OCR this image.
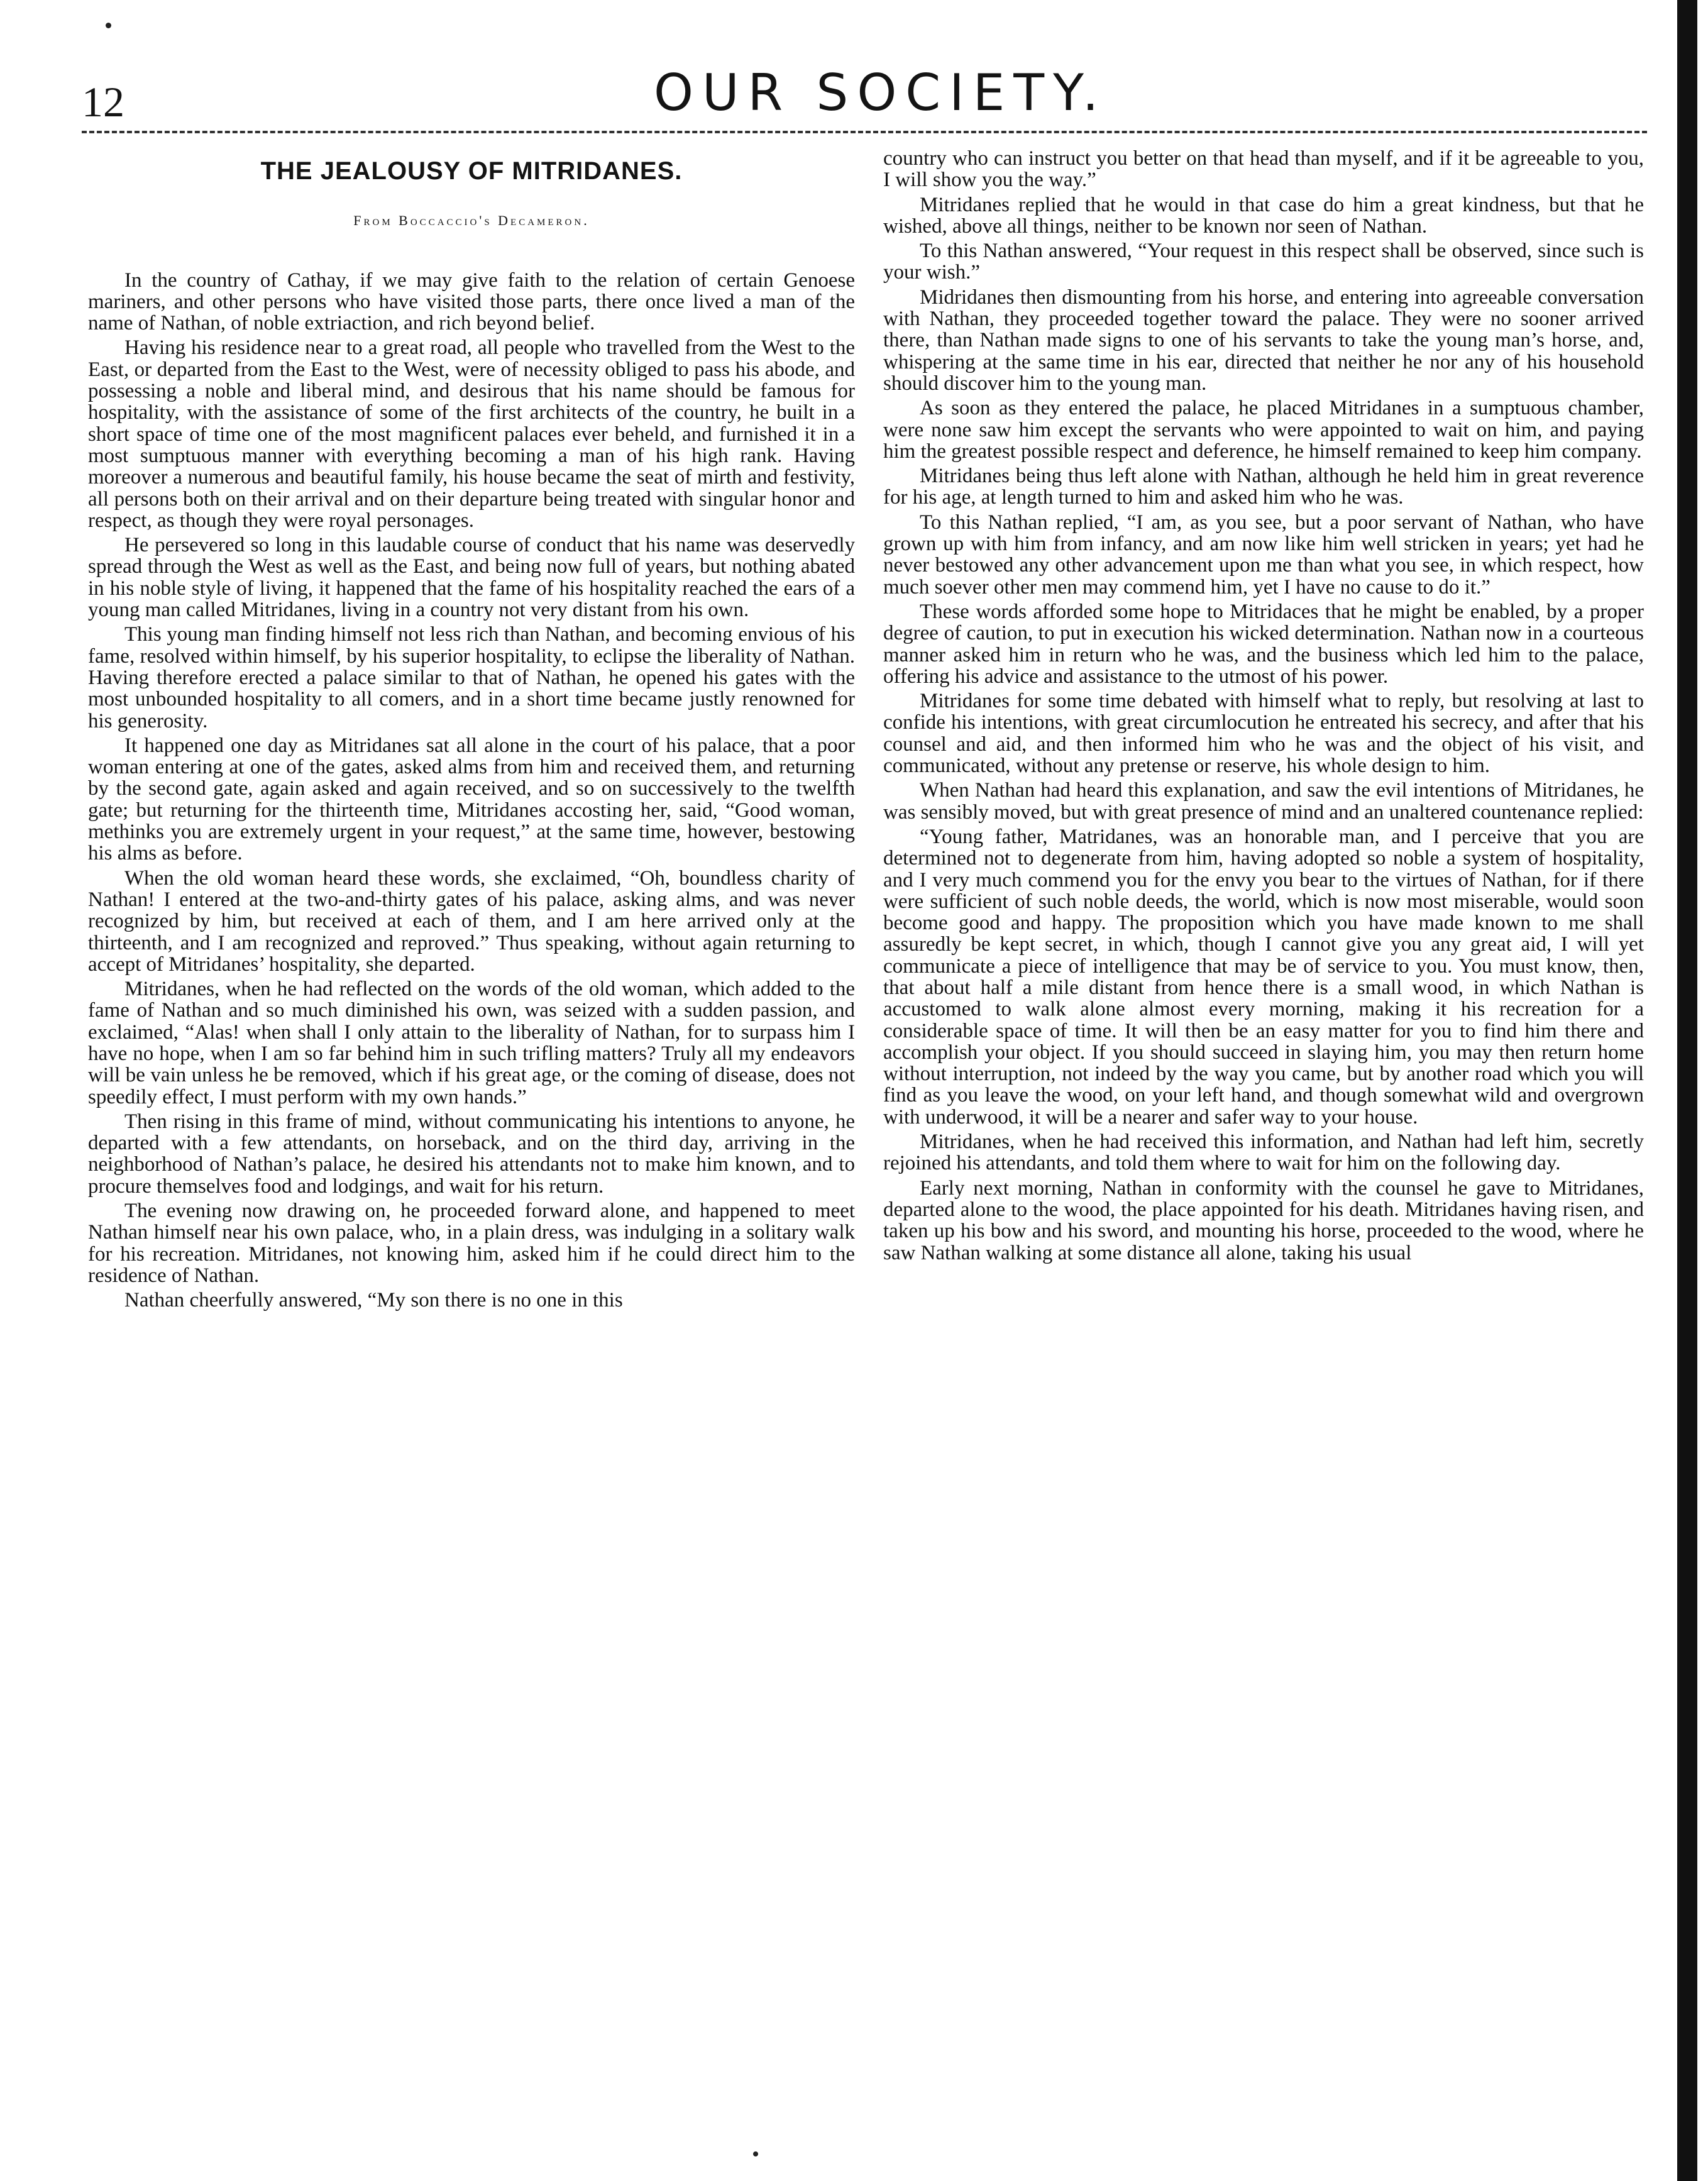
12	OUR SOCIETY.
THE JEALOUSY OF MITRIDANES.
From Boccaccio's Decameron.

In the country of Cathay, if we may give faith to the relation of certain Genoese mariners, and other persons who have visited those parts, there once lived a man of the name of Nathan, of noble extriaction, and rich beyond belief.

Having his residence near to a great road, all people who travelled from the West to the East, or departed from the East to the West, were of necessity obliged to pass his abode, and possessing a noble and liberal mind, and desirous that his name should be famous for hospitality, with the assistance of some of the first architects of the country, he built in a short space of time one of the most magnificent palaces ever beheld, and furnished it in a most sumptuous manner with everything becoming a man of his high rank. Having moreover a numerous and beautiful family, his house became the seat of mirth and festivity, all persons both on their arrival and on their departure being treated with singular honor and respect, as though they were royal personages.

He persevered so long in this laudable course of conduct that his name was deservedly spread through the West as well as the East, and being now full of years, but nothing abated in his noble style of living, it happened that the fame of his hospitality reached the ears of a young man called Mitridanes, living in a country not very distant from his own.

This young man finding himself not less rich than Nathan, and becoming envious of his fame, resolved within himself, by his superior hospitality, to eclipse the liberality of Nathan. Having therefore erected a palace similar to that of Nathan, he opened his gates with the most unbounded hospitality to all comers, and in a short time became justly renowned for his generosity.

It happened one day as Mitridanes sat all alone in the court of his palace, that a poor woman entering at one of the gates, asked alms from him and received them, and returning by the second gate, again asked and again received, and so on successively to the twelfth gate; but returning for the thirteenth time, Mitridanes accosting her, said, “Good woman, methinks you are extremely urgent in your request,” at the same time, however, bestowing his alms as before.

When the old woman heard these words, she exclaimed, “Oh, boundless charity of Nathan! I entered at the two-and-thirty gates of his palace, asking alms, and was never recognized by him, but received at each of them, and I am here arrived only at the thirteenth, and I am recognized and reproved.” Thus speaking, without again returning to accept of Mitridanes’ hospitality, she departed.

Mitridanes, when he had reflected on the words of the old woman, which added to the fame of Nathan and so much diminished his own, was seized with a sudden passion, and exclaimed, “Alas! when shall I only attain to the liberality of Nathan, for to surpass him I have no hope, when I am so far behind him in such trifling matters? Truly all my endeavors will be vain unless he be removed, which if his great age, or the coming of disease, does not speedily effect, I must perform with my own hands.”

Then rising in this frame of mind, without communicating his intentions to anyone, he departed with a few attendants, on horseback, and on the third day, arriving in the neighborhood of Nathan’s palace, he desired his attendants not to make him known, and to procure themselves food and lodgings, and wait for his return.

The evening now drawing on, he proceeded forward alone, and happened to meet Nathan himself near his own palace, who, in a plain dress, was indulging in a solitary walk for his recreation. Mitridanes, not knowing him, asked him if he could direct him to the residence of Nathan.

Nathan cheerfully answered, “My son there is no one in this

country who can instruct you better on that head than myself, and if it be agreeable to you, I will show you the way.”

Mitridanes replied that he would in that case do him a great kindness, but that he wished, above all things, neither to be known nor seen of Nathan.

To this Nathan answered, “Your request in this respect shall be observed, since such is your wish.”

Midridanes then dismounting from his horse, and entering into agreeable conversation with Nathan, they proceeded together toward the palace. They were no sooner arrived there, than Nathan made signs to one of his servants to take the young man’s horse, and, whispering at the same time in his ear, directed that neither he nor any of his household should discover him to the young man.

As soon as they entered the palace, he placed Mitridanes in a sumptuous chamber, were none saw him except the servants who were appointed to wait on him, and paying him the greatest possible respect and deference, he himself remained to keep him company.

Mitridanes being thus left alone with Nathan, although he held him in great reverence for his age, at length turned to him and asked him who he was.

To this Nathan replied, “I am, as you see, but a poor servant of Nathan, who have grown up with him from infancy, and am now like him well stricken in years; yet had he never bestowed any other advancement upon me than what you see, in which respect, how much soever other men may commend him, yet I have no cause to do it.”

These words afforded some hope to Mitridaces that he might be enabled, by a proper degree of caution, to put in execution his wicked determination. Nathan now in a courteous manner asked him in return who he was, and the business which led him to the palace, offering his advice and assistance to the utmost of his power.

Mitridanes for some time debated with himself what to reply, but resolving at last to confide his intentions, with great circumlocution he entreated his secrecy, and after that his counsel and aid, and then informed him who he was and the object of his visit, and communicated, without any pretense or reserve, his whole design to him.

When Nathan had heard this explanation, and saw the evil intentions of Mitridanes, he was sensibly moved, but with great presence of mind and an unaltered countenance replied:

“Young father, Matridanes, was an honorable man, and I perceive that you are determined not to degenerate from him, having adopted so noble a system of hospitality, and I very much commend you for the envy you bear to the virtues of Nathan, for if there were sufficient of such noble deeds, the world, which is now most miserable, would soon become good and happy. The proposition which you have made known to me shall assuredly be kept secret, in which, though I cannot give you any great aid, I will yet communicate a piece of intelligence that may be of service to you. You must know, then, that about half a mile distant from hence there is a small wood, in which Nathan is accustomed to walk alone almost every morning, making it his recreation for a considerable space of time. It will then be an easy matter for you to find him there and accomplish your object. If you should succeed in slaying him, you may then return home without interruption, not indeed by the way you came, but by another road which you will find as you leave the wood, on your left hand, and though somewhat wild and overgrown with underwood, it will be a nearer and safer way to your house.

Mitridanes, when he had received this information, and Nathan had left him, secretly rejoined his attendants, and told them where to wait for him on the following day.

Early next morning, Nathan in conformity with the counsel he gave to Mitridanes, departed alone to the wood, the place appointed for his death. Mitridanes having risen, and taken up his bow and his sword, and mounting his horse, proceeded to the wood, where he saw Nathan walking at some distance all alone, taking his usual
